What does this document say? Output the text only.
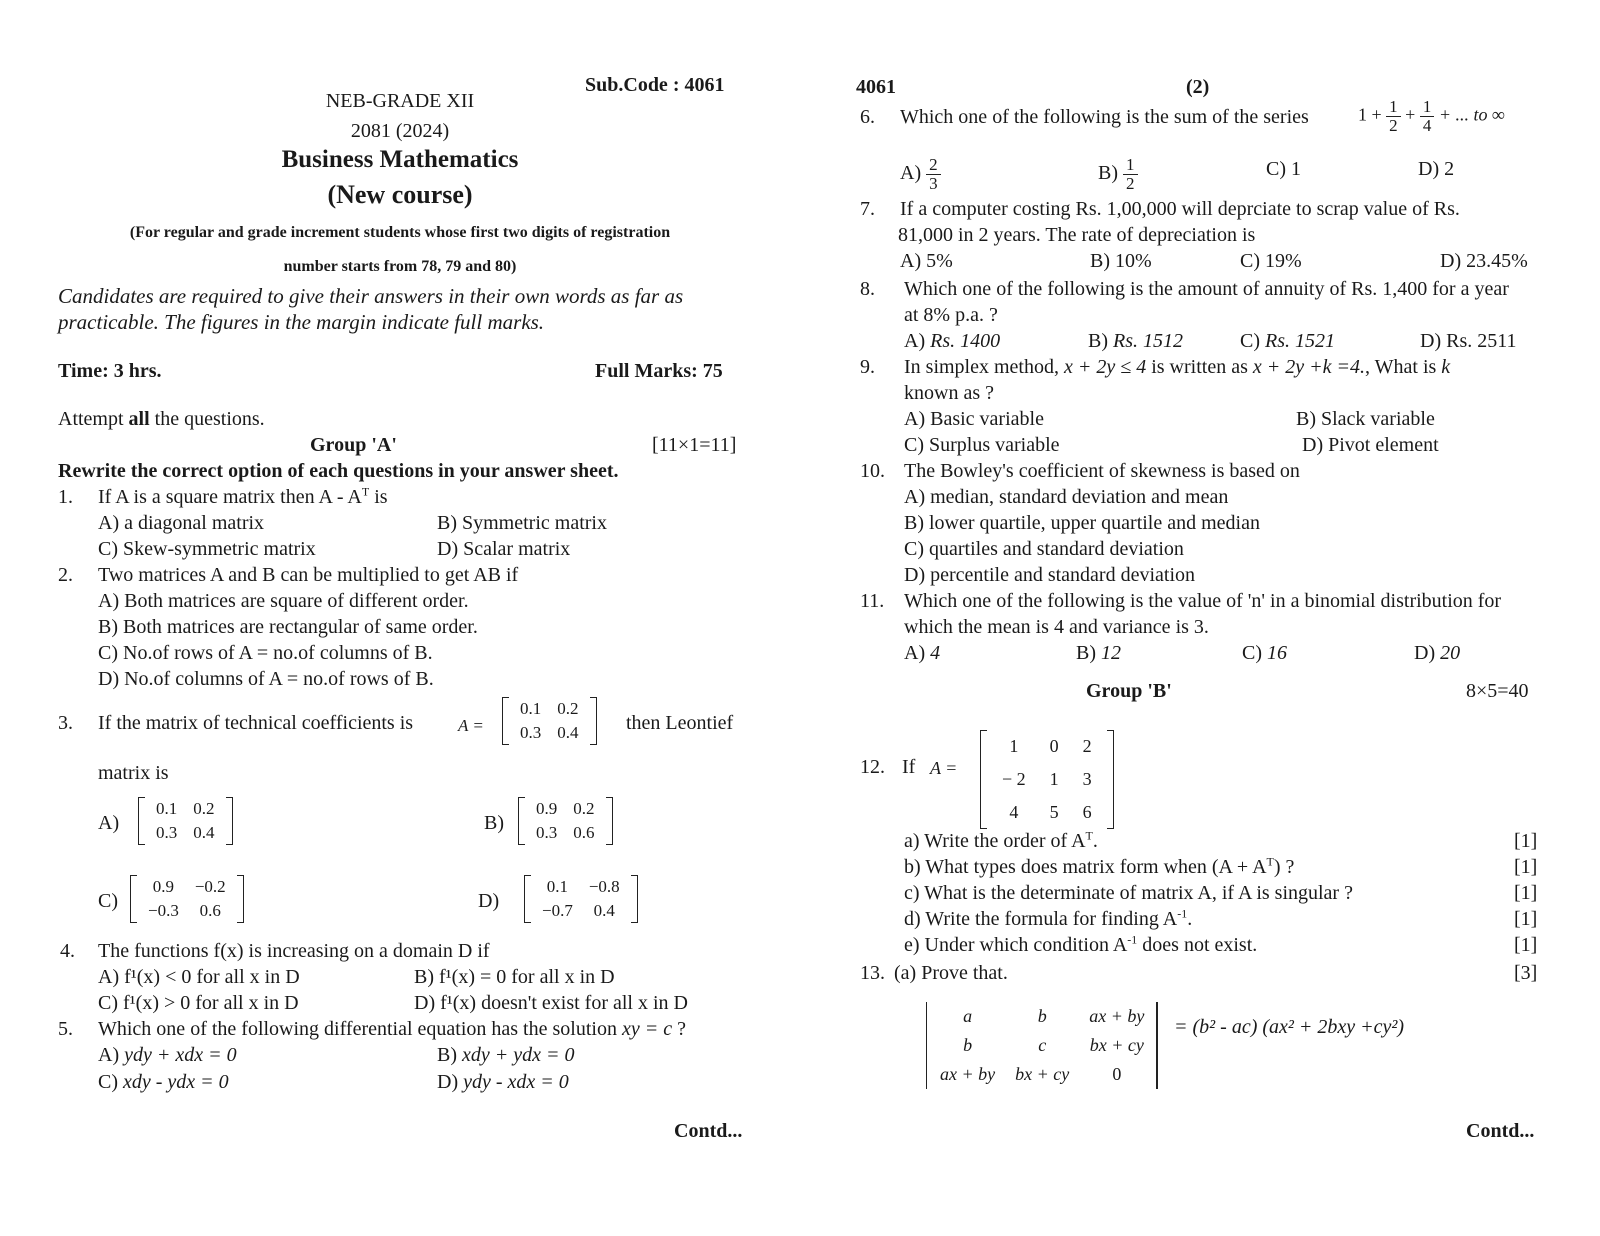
Sub.Code : 4061
NEB-GRADE XII
2081 (2024)
Business Mathematics
(New course)
(For regular and grade increment students whose first two digits of registration
number starts from 78, 79 and 80)
Candidates are required to give their answers in their own words as far as
practicable. The figures in the margin indicate full marks.
Time: 3 hrs.	Full Marks: 75
Attempt all the questions.
Group 'A'	[11×1=11]
Rewrite the correct option of each questions in your answer sheet.
1. If A is a square matrix then A - $A^T$ is
A) a diagonal matrix	B) Symmetric matrix
C) Skew-symmetric matrix	D) Scalar matrix
2. Two matrices A and B can be multiplied to get AB if
A) Both matrices are square of different order.
B) Both matrices are rectangular of same order.
C) No.of rows of A = no.of columns of B.
D) No.of columns of A = no.of rows of B.
3. If the matrix of technical coefficients is	A =
0.1	0.2
0.3	0.4 then Leontief
matrix is
A)
0.1	0.2
0.3	0.4	B)
0.9	0.2
0.3	0.6
C)
0.9	−0.2
−0.3	0.6	D)
0.1	−0.8
−0.7	0.4
4. The functions f(x) is increasing on a domain D if
A) f¹(x) < 0 for all x in D	B) f¹(x) = 0 for all x in D
C) f¹(x) > 0 for all x in D	D) f¹(x) doesn't exist for all x in D
5. Which one of the following differential equation has the solution xy = c ?
A) ydy + xdx = 0	B) xdy + ydx = 0
C) xdy - ydx = 0	D) ydy - xdx = 0
Contd...
4061	(2)
6. Which one of the following is the sum of the series	$1 + \frac{1}{2} + \frac{1}{4}$ + ... to ∞
$A) \frac{2}{3}$	$B) \frac{1}{2}$	C) 1	D) 2
7. If a computer costing Rs. 1,00,000 will deprciate to scrap value of Rs.
81,000 in 2 years. The rate of depreciation is
A) 5%	B) 10%	C) 19%	D) 23.45%
8. Which one of the following is the amount of annuity of Rs. 1,400 for a year
at 8% p.a. ?
A) Rs. 1400	B) Rs. 1512	C) Rs. 1521	D) Rs. 2511
9. In simplex method, x + 2y ≤ 4 is written as x + 2y +k =4., What is k
known as ?
A) Basic variable	B) Slack variable
C) Surplus variable	D) Pivot element
10. The Bowley's coefficient of skewness is based on
A) median, standard deviation and mean
B) lower quartile, upper quartile and median
C) quartiles and standard deviation
D) percentile and standard deviation
11. Which one of the following is the value of 'n' in a binomial distribution for
which the mean is 4 and variance is 3.
A) 4	B) 12	C) 16	D) 20
Group 'B'	8×5=40
12. If A =
1	0	2
− 2	1	3
4	5	6
a) Write the order of $A^T$.
b) What types does matrix form when $(A + A^T)$ ?
c) What is the determinate of matrix A, if A is singular ?
d) Write the formula for finding $A^{-1}$.
e) Under which condition $A^{-1}$ does not exist.
[1]
[1]
[1]
[1]
[1]
13. (a) Prove that.	[3]
a	b	ax + by
b	c	bx + cy
ax + by	bx + cy	0
= (b² - ac) (ax² + 2bxy +cy²)
Contd...
